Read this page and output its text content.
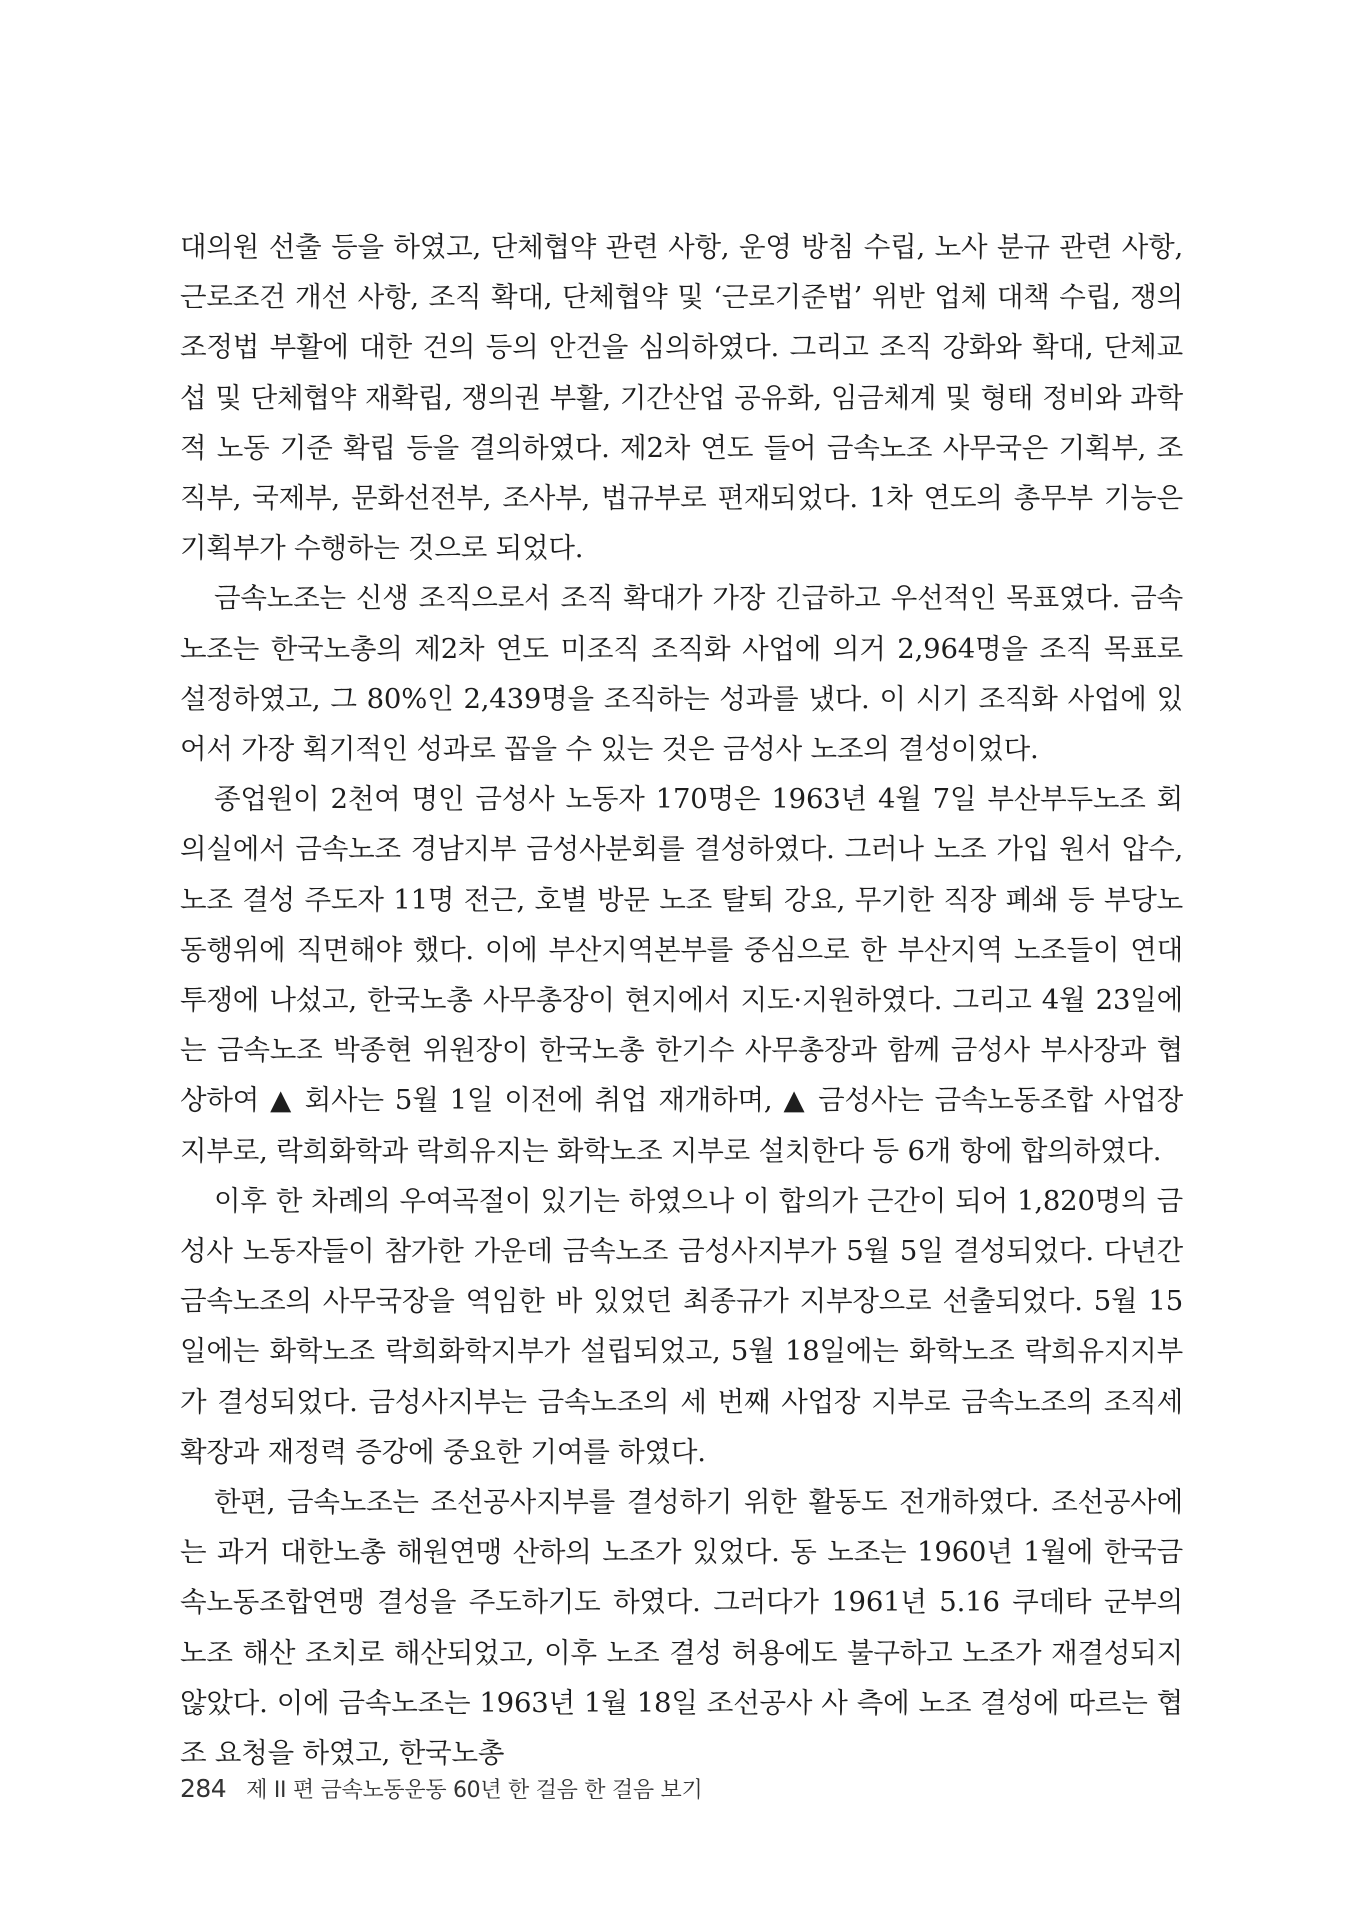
대의원 선출 등을 하였고, 단체협약 관련 사항, 운영 방침 수립, 노사 분규 관련 사항, 근로조건 개선 사항, 조직 확대, 단체협약 및 ‘근로기준법’ 위반 업체 대책 수립, 쟁의조정법 부활에 대한 건의 등의 안건을 심의하였다. 그리고 조직 강화와 확대, 단체교섭 및 단체협약 재확립, 쟁의권 부활, 기간산업 공유화, 임금체계 및 형태 정비와 과학적 노동 기준 확립 등을 결의하였다. 제2차 연도 들어 금속노조 사무국은 기획부, 조직부, 국제부, 문화선전부, 조사부, 법규부로 편재되었다. 1차 연도의 총무부 기능은 기획부가 수행하는 것으로 되었다.

금속노조는 신생 조직으로서 조직 확대가 가장 긴급하고 우선적인 목표였다. 금속노조는 한국노총의 제2차 연도 미조직 조직화 사업에 의거 2,964명을 조직 목표로 설정하였고, 그 80%인 2,439명을 조직하는 성과를 냈다. 이 시기 조직화 사업에 있어서 가장 획기적인 성과로 꼽을 수 있는 것은 금성사 노조의 결성이었다.

종업원이 2천여 명인 금성사 노동자 170명은 1963년 4월 7일 부산부두노조 회의실에서 금속노조 경남지부 금성사분회를 결성하였다. 그러나 노조 가입 원서 압수, 노조 결성 주도자 11명 전근, 호별 방문 노조 탈퇴 강요, 무기한 직장 폐쇄 등 부당노동행위에 직면해야 했다. 이에 부산지역본부를 중심으로 한 부산지역 노조들이 연대 투쟁에 나섰고, 한국노총 사무총장이 현지에서 지도·지원하였다. 그리고 4월 23일에는 금속노조 박종현 위원장이 한국노총 한기수 사무총장과 함께 금성사 부사장과 협상하여 ▲ 회사는 5월 1일 이전에 취업 재개하며, ▲ 금성사는 금속노동조합 사업장 지부로, 락희화학과 락희유지는 화학노조 지부로 설치한다 등 6개 항에 합의하였다.

이후 한 차례의 우여곡절이 있기는 하였으나 이 합의가 근간이 되어 1,820명의 금성사 노동자들이 참가한 가운데 금속노조 금성사지부가 5월 5일 결성되었다. 다년간 금속노조의 사무국장을 역임한 바 있었던 최종규가 지부장으로 선출되었다. 5월 15일에는 화학노조 락희화학지부가 설립되었고, 5월 18일에는 화학노조 락희유지지부가 결성되었다. 금성사지부는 금속노조의 세 번째 사업장 지부로 금속노조의 조직세 확장과 재정력 증강에 중요한 기여를 하였다.

한편, 금속노조는 조선공사지부를 결성하기 위한 활동도 전개하였다. 조선공사에는 과거 대한노총 해원연맹 산하의 노조가 있었다. 동 노조는 1960년 1월에 한국금속노동조합연맹 결성을 주도하기도 하였다. 그러다가 1961년 5.16 쿠데타 군부의 노조 해산 조치로 해산되었고, 이후 노조 결성 허용에도 불구하고 노조가 재결성되지 않았다. 이에 금속노조는 1963년 1월 18일 조선공사 사 측에 노조 결성에 따르는 협조 요청을 하였고, 한국노총

284 제 II 편 금속노동운동 60년 한 걸음 한 걸음 보기
